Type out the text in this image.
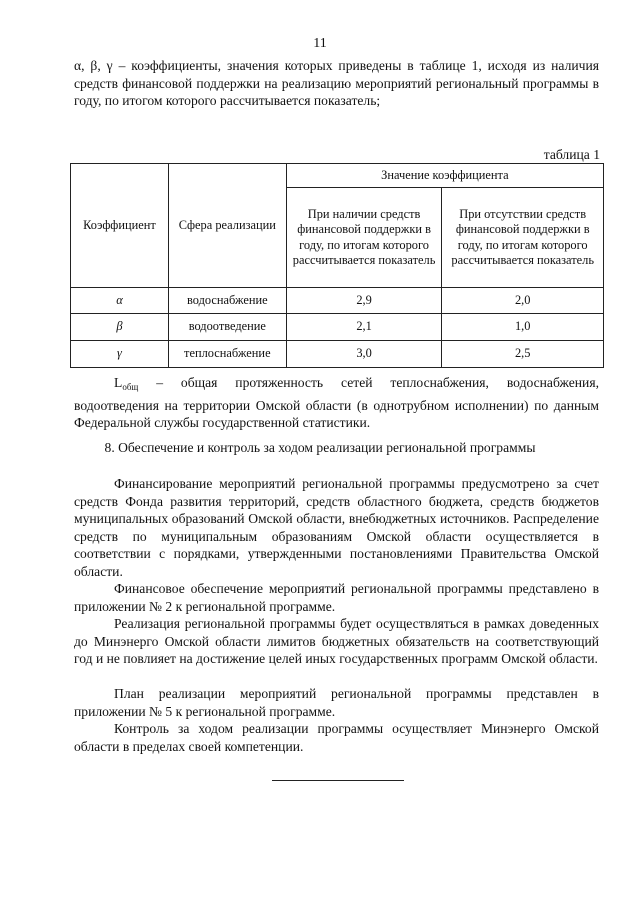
11

α, β, γ – коэффициенты, значения которых приведены в таблице 1, исходя из наличия средств финансовой поддержки на реализацию мероприятий региональный программы в году, по итогом которого рассчитывается показатель;

таблица 1
Коэффициент	Сфера реализации	Значение коэффициента	
		При наличии средств финансовой поддержки в году, по итогам которого рассчитывается показатель	При отсутствии средств финансовой поддержки в году, по итогам которого рассчитывается показатель
α	водоснабжение	2,9	2,0
β	водоотведение	2,1	1,0
γ	теплоснабжение	3,0	2,5

$L_{общ}$ – общая протяженность сетей теплоснабжения, водоснабжения, водоотведения на территории Омской области (в однотрубном исполнении) по данным Федеральной службы государственной статистики.

8. Обеспечение и контроль за ходом реализации региональной программы

Финансирование мероприятий региональной программы предусмотрено за счет средств Фонда развития территорий, средств областного бюджета, средств бюджетов муниципальных образований Омской области, внебюджетных источников. Распределение средств по муниципальным образованиям Омской области осуществляется в соответствии с порядками, утвержденными постановлениями Правительства Омской области.

Финансовое обеспечение мероприятий региональной программы представлено в приложении № 2 к региональной программе.

Реализация региональной программы будет осуществляться в рамках доведенных до Минэнерго Омской области лимитов бюджетных обязательств на соответствующий год и не повлияет на достижение целей иных государственных программ Омской области.

План реализации мероприятий региональной программы представлен в приложении № 5 к региональной программе.

Контроль за ходом реализации программы осуществляет Минэнерго Омской области в пределах своей компетенции.
